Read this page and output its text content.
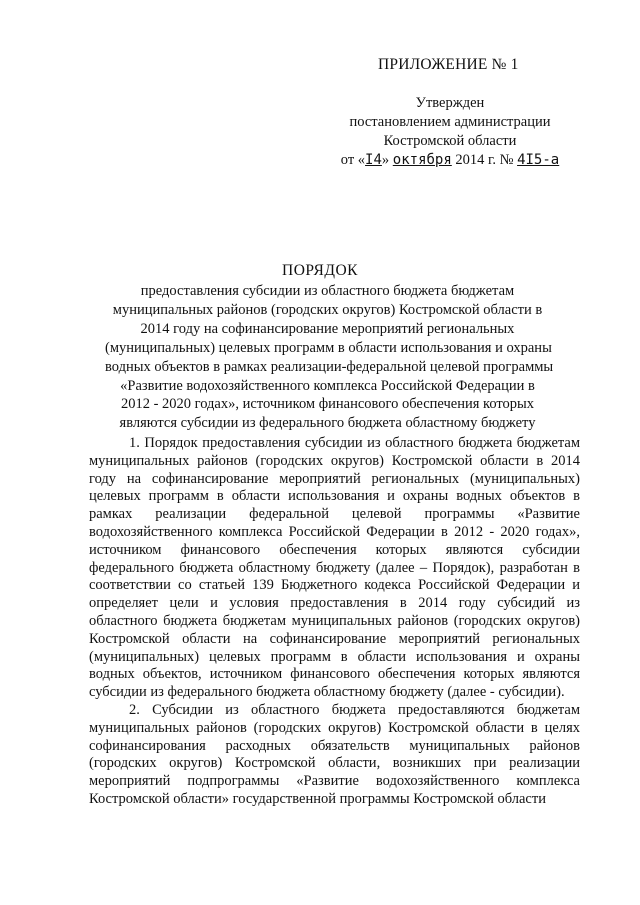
ПРИЛОЖЕНИЕ № 1
Утвержден
постановлением администрации
Костромской области
от «I4» октября 2014 г. № 4I5-а
ПОРЯДОК
предоставления субсидии из областного бюджета бюджетам
муниципальных районов (городских округов) Костромской области в
2014 году на софинансирование мероприятий региональных
(муниципальных) целевых программ в области использования и охраны
водных объектов в рамках реализации-федеральной целевой программы
«Развитие водохозяйственного комплекса Российской Федерации в
2012 - 2020 годах», источником финансового обеспечения которых
являются субсидии из федерального бюджета областному бюджету

1. Порядок предоставления субсидии из областного бюджета бюджетам муниципальных районов (городских округов) Костромской области в 2014 году на софинансирование мероприятий региональных (муниципальных) целевых программ в области использования и охраны водных объектов в рамках реализации федеральной целевой программы «Развитие водохозяйственного комплекса Российской Федерации в 2012 - 2020 годах», источником финансового обеспечения которых являются субсидии федерального бюджета областному бюджету (далее – Порядок), разработан в соответствии со статьей 139 Бюджетного кодекса Российской Федерации и определяет цели и условия предоставления в 2014 году субсидий из областного бюджета бюджетам муниципальных районов (городских округов) Костромской области на софинансирование мероприятий региональных (муниципальных) целевых программ в области использования и охраны водных объектов, источником финансового обеспечения которых являются субсидии из федерального бюджета областному бюджету (далее - субсидии).

2. Субсидии из областного бюджета предоставляются бюджетам муниципальных районов (городских округов) Костромской области в целях софинансирования расходных обязательств муниципальных районов (городских округов) Костромской области, возникших при реализации мероприятий подпрограммы «Развитие водохозяйственного комплекса Костромской области» государственной программы Костромской области
